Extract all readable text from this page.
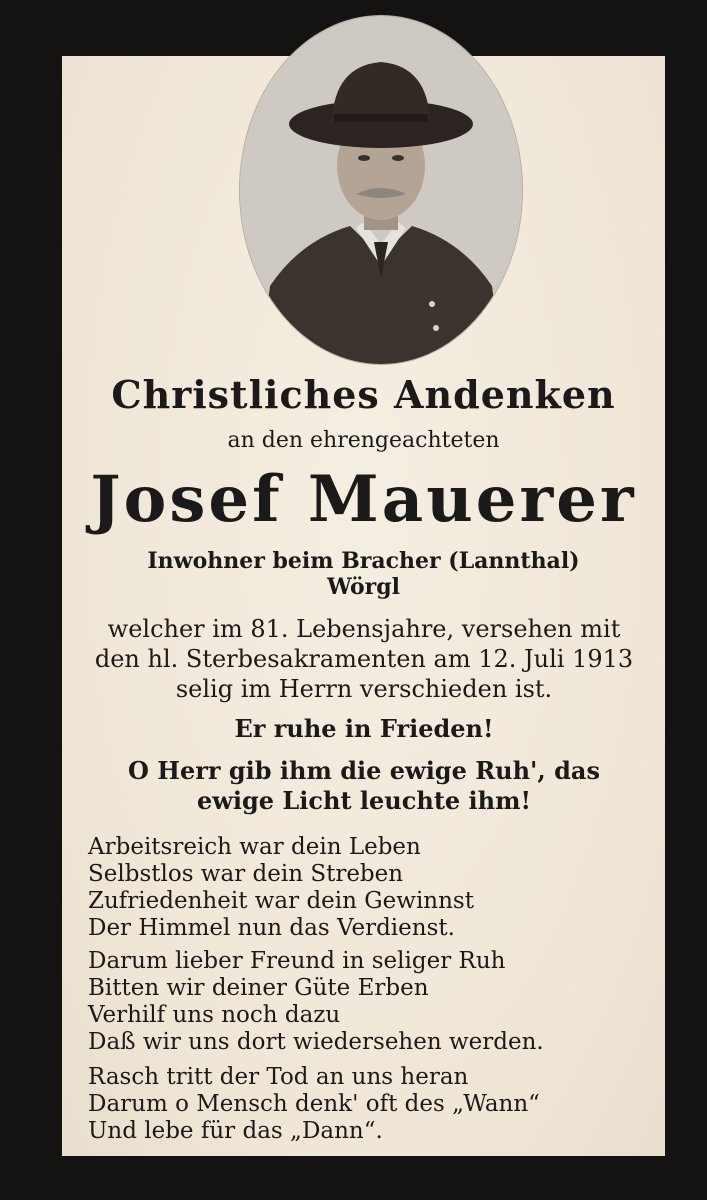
Christliches Andenken
an den ehrengeachteten
Josef Mauerer
Inwohner beim Bracher (Lannthal)
Wörgl
welcher im 81. Lebensjahre, versehen mit
den hl. Sterbesakramenten am 12. Juli 1913
selig im Herrn verschieden ist.
Er ruhe in Frieden!
O Herr gib ihm die ewige Ruh', das
ewige Licht leuchte ihm!
Arbeitsreich war dein Leben
Selbstlos war dein Streben
Zufriedenheit war dein Gewinnst
Der Himmel nun das Verdienst.
Darum lieber Freund in seliger Ruh
Bitten wir deiner Güte Erben
Verhilf uns noch dazu
Daß wir uns dort wiedersehen werden.
Rasch tritt der Tod an uns heran
Darum o Mensch denk' oft des „Wann“
Und lebe für das „Dann“.
